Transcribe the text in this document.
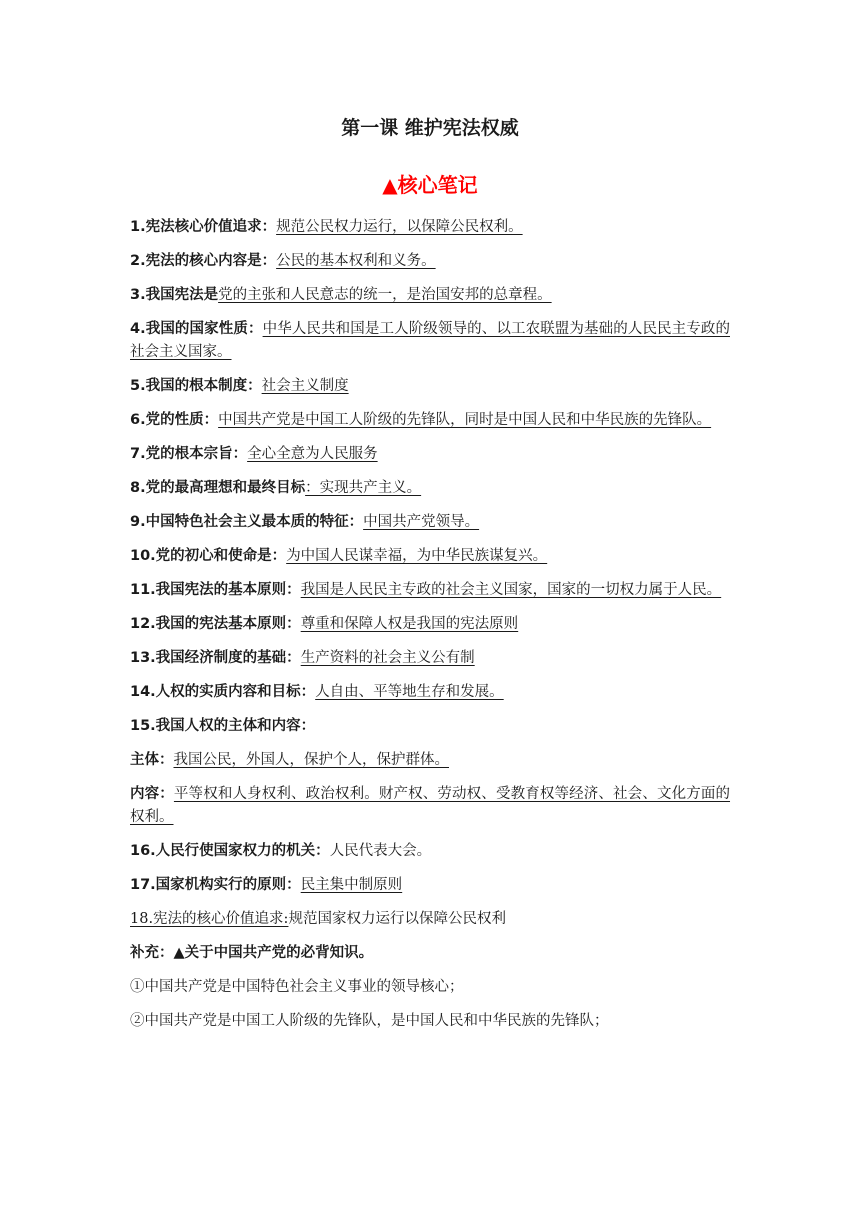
第一课 维护宪法权威
▲核心笔记
1.宪法核心价值追求：规范公民权力运行，以保障公民权利。
2.宪法的核心内容是：公民的基本权利和义务。
3.我国宪法是党的主张和人民意志的统一，是治国安邦的总章程。
4.我国的国家性质：中华人民共和国是工人阶级领导的、以工农联盟为基础的人民民主专政的社会主义国家。
5.我国的根本制度：社会主义制度
6.党的性质：中国共产党是中国工人阶级的先锋队，同时是中国人民和中华民族的先锋队。
7.党的根本宗旨：全心全意为人民服务
8.党的最高理想和最终目标：实现共产主义。
9.中国特色社会主义最本质的特征：中国共产党领导。
10.党的初心和使命是：为中国人民谋幸福，为中华民族谋复兴。
11.我国宪法的基本原则：我国是人民民主专政的社会主义国家，国家的一切权力属于人民。
12.我国的宪法基本原则：尊重和保障人权是我国的宪法原则
13.我国经济制度的基础：生产资料的社会主义公有制
14.人权的实质内容和目标：人自由、平等地生存和发展。
15.我国人权的主体和内容：
主体：我国公民，外国人，保护个人，保护群体。
内容：平等权和人身权利、政治权利。财产权、劳动权、受教育权等经济、社会、文化方面的权利。
16.人民行使国家权力的机关：人民代表大会。
17.国家机构实行的原则：民主集中制原则
18.宪法的核心价值追求:规范国家权力运行以保障公民权利
补充：▲关于中国共产党的必背知识。
①中国共产党是中国特色社会主义事业的领导核心；
②中国共产党是中国工人阶级的先锋队，是中国人民和中华民族的先锋队；
